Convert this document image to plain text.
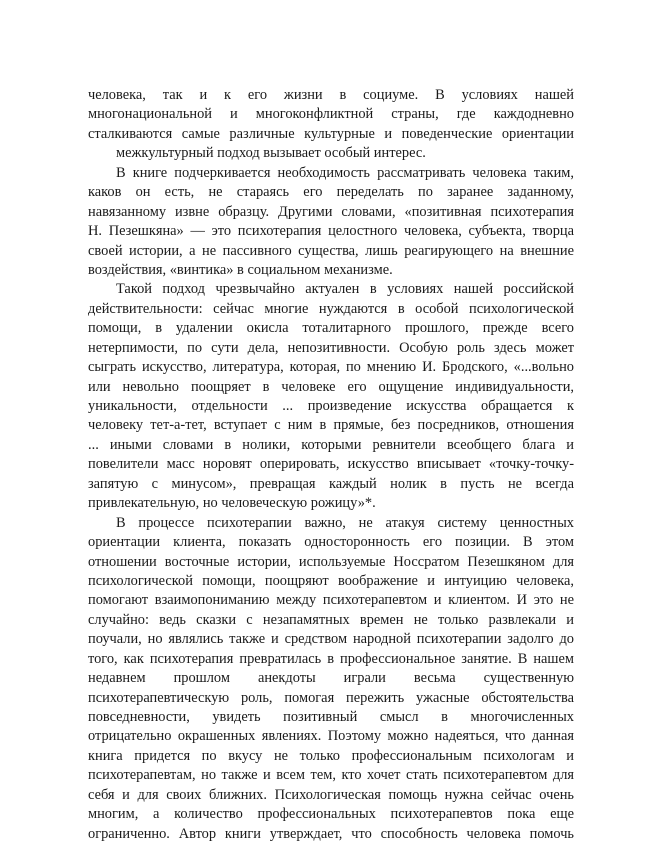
человека, так и к его жизни в социуме. В условиях нашей
многонациональной и многоконфликтной страны, где каждодневно
сталкиваются самые различные культурные и поведенческие ориентации
межкультурный подход вызывает особый интерес.
В книге подчеркивается необходимость рассматривать человека таким,
каков он есть, не стараясь его переделать по заранее заданному,
навязанному извне образцу. Другими словами, «позитивная психотерапия
Н. Пезешкяна» — это психотерапия целостного человека, субъекта, творца
своей истории, а не пассивного существа, лишь реагирующего на внешние
воздействия, «винтика» в социальном механизме.
Такой подход чрезвычайно актуален в условиях нашей российской
действительности: сейчас многие нуждаются в особой психологической
помощи, в удалении окисла тоталитарного прошлого, прежде всего
нетерпимости, по сути дела, непозитивности. Особую роль здесь может
сыграть искусство, литература, которая, по мнению И. Бродского, «...вольно
или невольно поощряет в человеке его ощущение индивидуальности,
уникальности, отдельности ... произведение искусства обращается к
человеку тет-а-тет, вступает с ним в прямые, без посредников, отношения
... иными словами в нолики, которыми ревнители всеобщего блага и
повелители масс норовят оперировать, искусство вписывает «точку-точку-
запятую с минусом», превращая каждый нолик в пусть не всегда
привлекательную, но человеческую рожицу»*.
В процессе психотерапии важно, не атакуя систему ценностных
ориентации клиента, показать односторонность его позиции. В этом
отношении восточные истории, используемые Носсратом Пезешкяном для
психологической помощи, поощряют воображение и интуицию человека,
помогают взаимопониманию между психотерапевтом и клиентом. И это не
случайно: ведь сказки с незапамятных времен не только развлекали и
поучали, но являлись также и средством народной психотерапии задолго до
того, как психотерапия превратилась в профессиональное занятие. В нашем
недавнем прошлом анекдоты играли весьма существенную
психотерапевтическую роль, помогая пережить ужасные обстоятельства
повседневности, увидеть позитивный смысл в многочисленных
отрицательно окрашенных явлениях. Поэтому можно надеяться, что данная
книга придется по вкусу не только профессиональным психологам и
психотерапевтам, но также и всем тем, кто хочет стать психотерапевтом для
себя и для своих ближних. Психологическая помощь нужна сейчас очень
многим, а количество профессиональных психотерапевтов пока еще
ограниченно. Автор книги утверждает, что способность человека помочь
